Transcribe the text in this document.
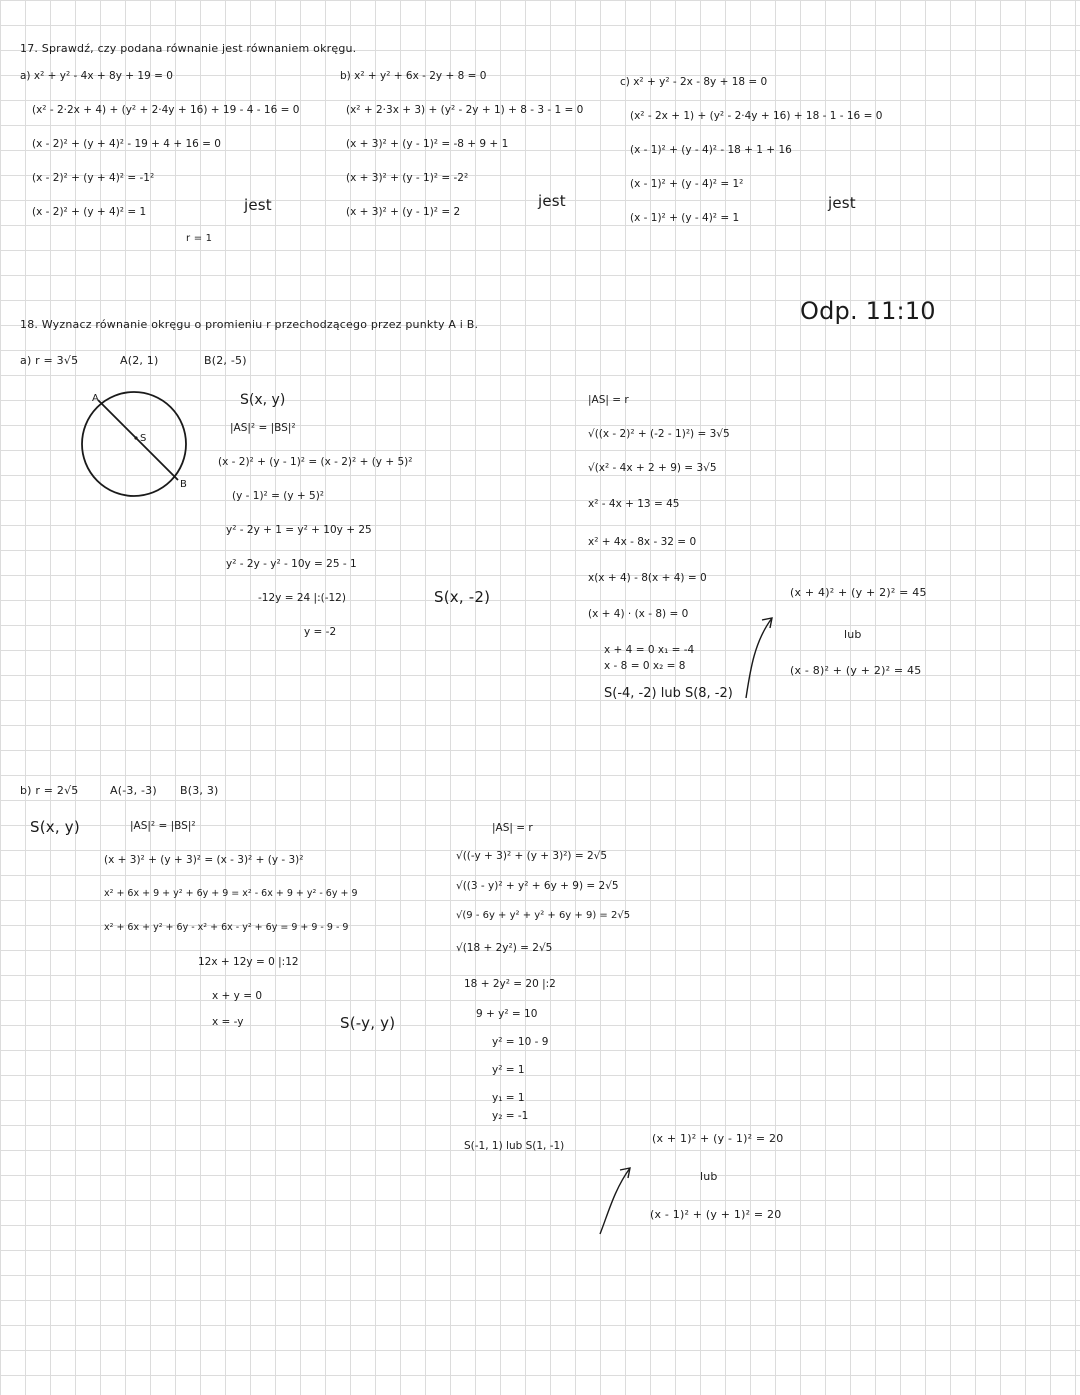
17. Sprawdź, czy podana równanie jest równaniem okręgu.
a) x² + y² - 4x + 8y + 19 = 0
(x² - 2·2x + 4) + (y² + 2·4y + 16) + 19 - 4 - 16 = 0
(x - 2)² + (y + 4)² - 19 + 4 + 16 = 0
(x - 2)² + (y + 4)² = -1²
(x - 2)² + (y + 4)² = 1
r = 1
jest
b) x² + y² + 6x - 2y + 8 = 0
(x² + 2·3x + 3) + (y² - 2y + 1) + 8 - 3 - 1 = 0
(x + 3)² + (y - 1)² = -8 + 9 + 1
(x + 3)² + (y - 1)² = -2²
(x + 3)² + (y - 1)² = 2
jest
c) x² + y² - 2x - 8y + 18 = 0
(x² - 2x + 1) + (y² - 2·4y + 16) + 18 - 1 - 16 = 0
(x - 1)² + (y - 4)² - 18 + 1 + 16
(x - 1)² + (y - 4)² = 1²
(x - 1)² + (y - 4)² = 1
jest
18. Wyznacz równanie okręgu o promieniu r przechodzącego przez punkty A i B.	Odp. 11:10
a) r = 3√5	A(2, 1)	B(2, -5)
A
S
B
S(x, y)
|AS|² = |BS|²
(x - 2)² + (y - 1)² = (x - 2)² + (y + 5)²
(y - 1)² = (y + 5)²
y² - 2y + 1 = y² + 10y + 25
y² - 2y - y² - 10y = 25 - 1
-12y = 24 |:(-12)
y = -2
S(x, -2)
|AS| = r
√((x - 2)² + (-2 - 1)²) = 3√5
√(x² - 4x + 2 + 9) = 3√5
x² - 4x + 13 = 45
x² + 4x - 8x - 32 = 0
x(x + 4) - 8(x + 4) = 0
(x + 4) · (x - 8) = 0
x + 4 = 0 x₁ = -4
x - 8 = 0 x₂ = 8
S(-4, -2) lub S(8, -2)
(x + 4)² + (y + 2)² = 45
lub
(x - 8)² + (y + 2)² = 45
b) r = 2√5	A(-3, -3) B(3, 3)
S(x, y)	|AS|² = |BS|²
(x + 3)² + (y + 3)² = (x - 3)² + (y - 3)²
x² + 6x + 9 + y² + 6y + 9 = x² - 6x + 9 + y² - 6y + 9
x² + 6x + y² + 6y - x² + 6x - y² + 6y = 9 + 9 - 9 - 9
12x + 12y = 0 |:12
x + y = 0
x = -y	S(-y, y)
|AS| = r
√((-y + 3)² + (y + 3)²) = 2√5
√((3 - y)² + y² + 6y + 9) = 2√5
√(9 - 6y + y² + y² + 6y + 9) = 2√5
√(18 + 2y²) = 2√5
18 + 2y² = 20 |:2
9 + y² = 10
y² = 10 - 9
y² = 1
y₁ = 1
y₂ = -1
S(-1, 1) lub S(1, -1)
(x + 1)² + (y - 1)² = 20
lub
(x - 1)² + (y + 1)² = 20
